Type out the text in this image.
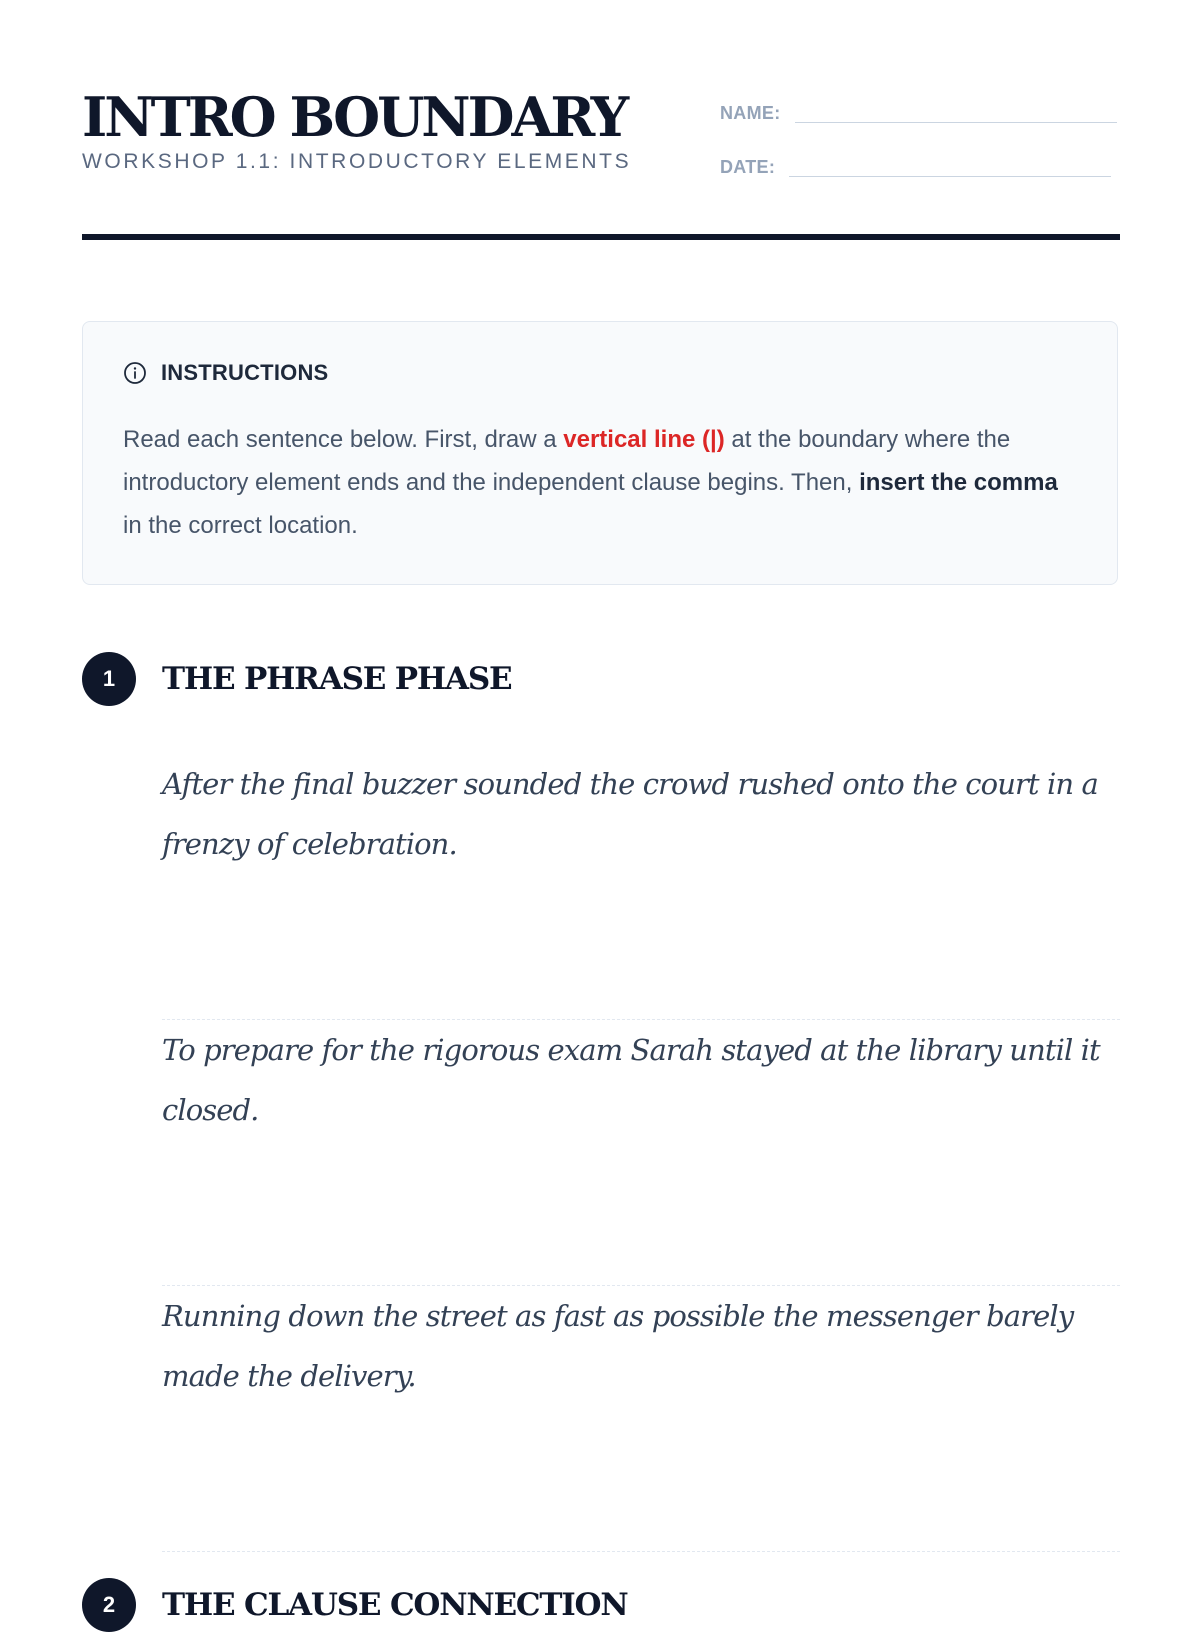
INTRO BOUNDARY
WORKSHOP 1.1: INTRODUCTORY ELEMENTS
NAME:
DATE:
INSTRUCTIONS
Read each sentence below. First, draw a vertical line (|) at the boundary where the introductory element ends and the independent clause begins. Then, insert the comma in the correct location.
1	THE PHRASE PHASE

After the final buzzer sounded the crowd rushed onto the court in a frenzy of celebration.

To prepare for the rigorous exam Sarah stayed at the library until it closed.

Running down the street as fast as possible the messenger barely made the delivery.

2	THE CLAUSE CONNECTION
